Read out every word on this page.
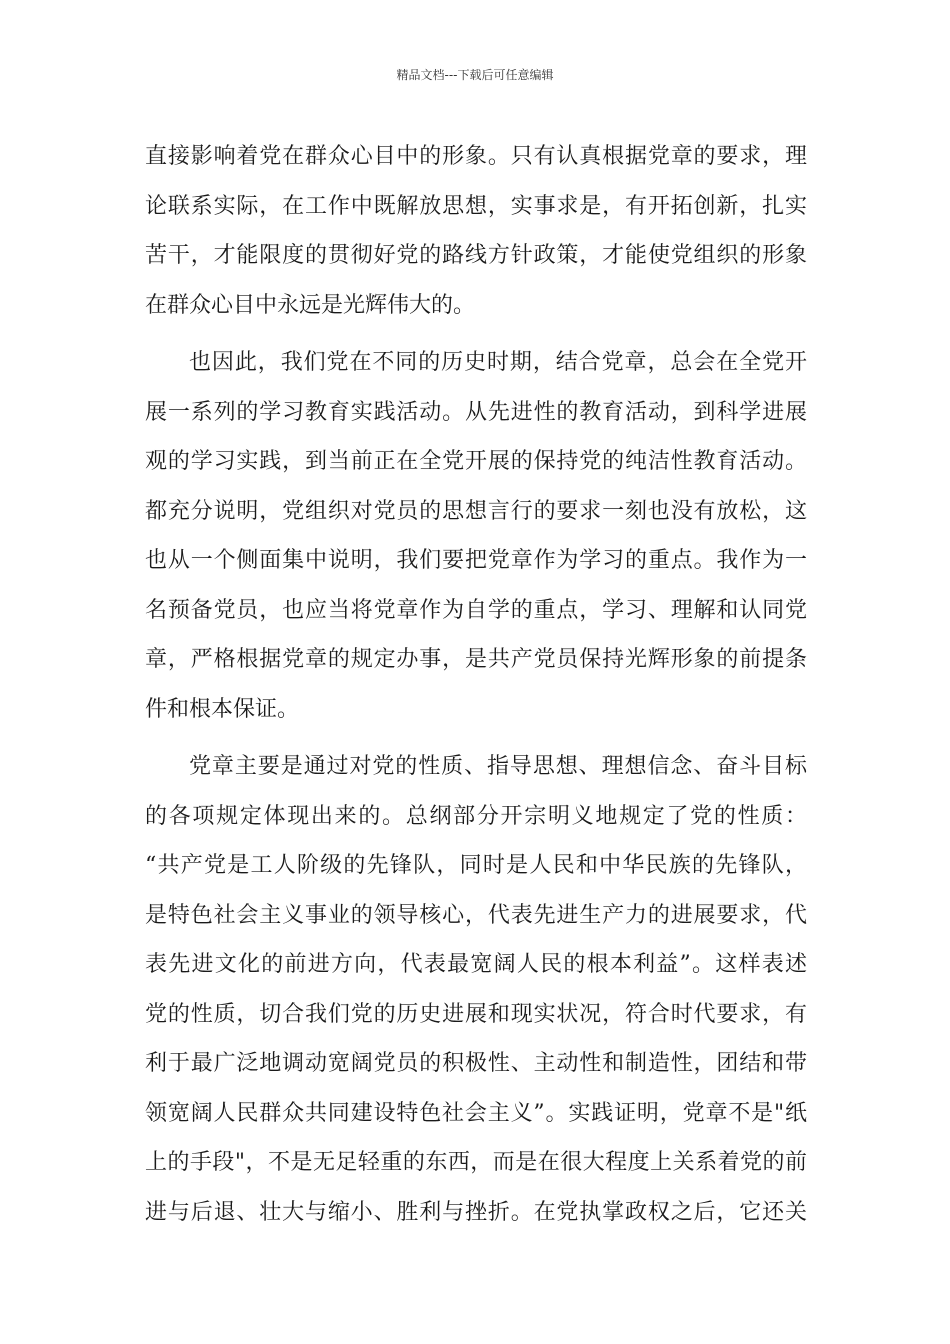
精品文档---下载后可任意编辑
直接影响着党在群众心目中的形象。只有认真根据党章的要求，理
论联系实际，在工作中既解放思想，实事求是，有开拓创新，扎实
苦干，才能限度的贯彻好党的路线方针政策，才能使党组织的形象
在群众心目中永远是光辉伟大的。
也因此，我们党在不同的历史时期，结合党章，总会在全党开
展一系列的学习教育实践活动。从先进性的教育活动，到科学进展
观的学习实践，到当前正在全党开展的保持党的纯洁性教育活动。
都充分说明，党组织对党员的思想言行的要求一刻也没有放松，这
也从一个侧面集中说明，我们要把党章作为学习的重点。我作为一
名预备党员，也应当将党章作为自学的重点，学习、理解和认同党
章，严格根据党章的规定办事，是共产党员保持光辉形象的前提条
件和根本保证。
党章主要是通过对党的性质、指导思想、理想信念、奋斗目标
的各项规定体现出来的。总纲部分开宗明义地规定了党的性质：
“共产党是工人阶级的先锋队，同时是人民和中华民族的先锋队，
是特色社会主义事业的领导核心，代表先进生产力的进展要求，代
表先进文化的前进方向，代表最宽阔人民的根本利益”。这样表述
党的性质，切合我们党的历史进展和现实状况，符合时代要求，有
利于最广泛地调动宽阔党员的积极性、主动性和制造性，团结和带
领宽阔人民群众共同建设特色社会主义”。实践证明，党章不是"纸
上的手段"，不是无足轻重的东西，而是在很大程度上关系着党的前
进与后退、壮大与缩小、胜利与挫折。在党执掌政权之后，它还关
